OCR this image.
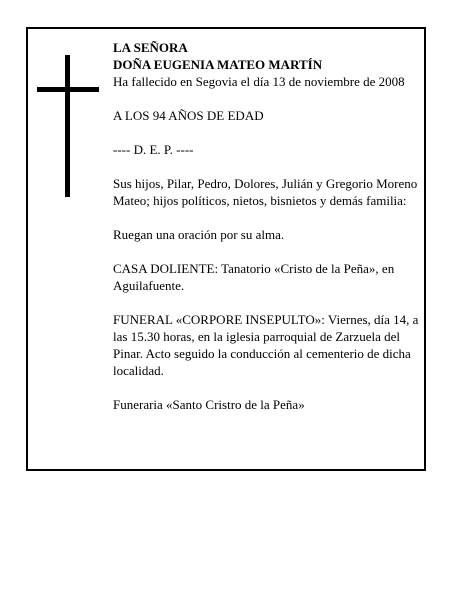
LA SEÑORA

DOÑA EUGENIA MATEO MARTÍN

Ha fallecido en Segovia el día 13 de noviembre de 2008

A LOS 94 AÑOS DE EDAD

---- D. E. P. ----

Sus hijos, Pilar, Pedro, Dolores, Julián y Gregorio Moreno Mateo; hijos políticos, nietos, bisnietos y demás familia:

Ruegan una oración por su alma.

CASA DOLIENTE: Tanatorio «Cristo de la Peña», en Aguilafuente.

FUNERAL «CORPORE INSEPULTO»: Viernes, día 14, a las 15.30 horas, en la iglesia parroquial de Zarzuela del Pinar. Acto seguido la conducción al cementerio de dicha localidad.

Funeraria «Santo Cristro de la Peña»
